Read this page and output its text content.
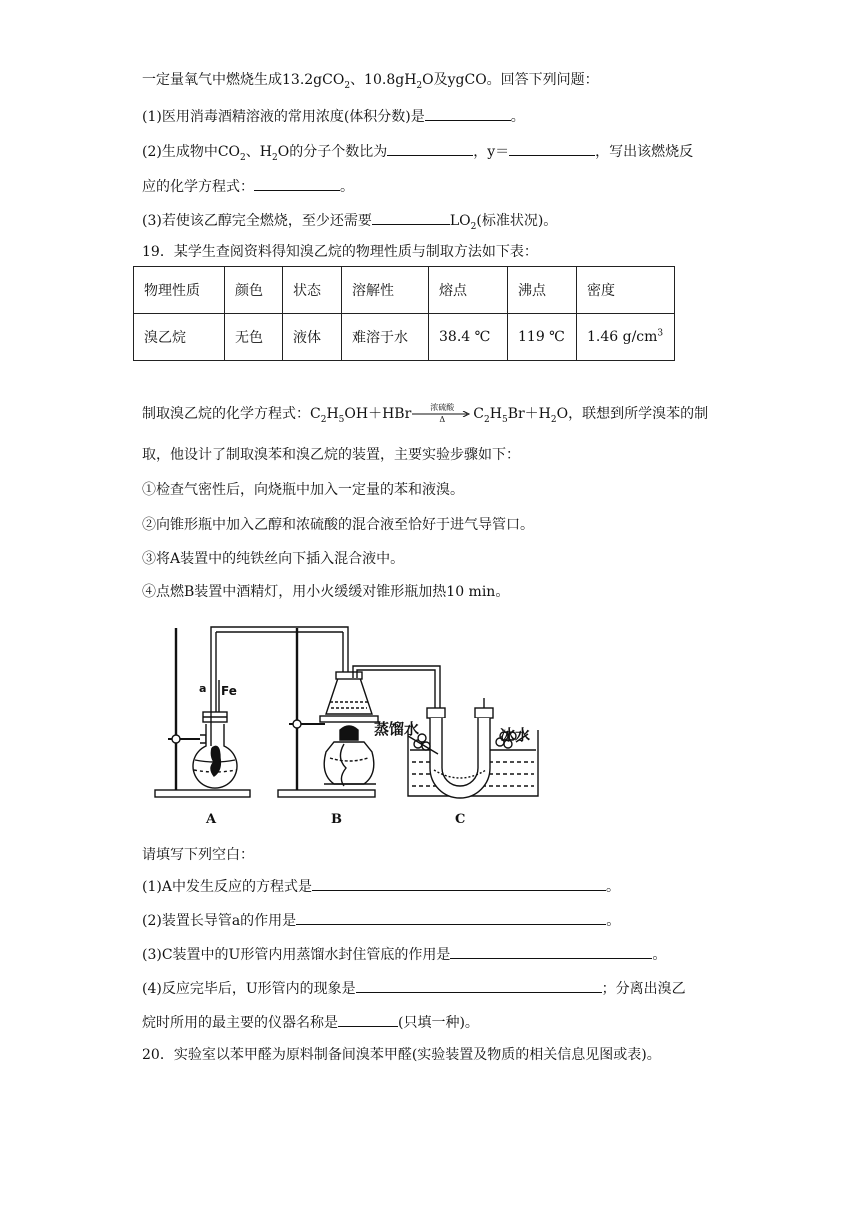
一定量氧气中燃烧生成13.2gCO$_2$、$10.8gH_2O$及ygCO。回答下列问题：
(1)医用消毒酒精溶液的常用浓度(体积分数)是	。
(2)生成物中$CO_2$、$H_2O$的分子个数比为	，y＝	，写出该燃烧反
应的化学方程式：	。
(3)若使该乙醇完全燃烧，至少还需要	$LO_2$(标准状况)。
19．某学生查阅资料得知溴乙烷的物理性质与制取方法如下表：
物理性质	颜色	状态	溶解性	熔点	沸点	密度
溴乙烷	无色	液体	难溶于水	38.4 ℃	119 ℃	1.46 $g/cm^3$
制取溴乙烷的化学方程式：$C_2H_5OH+HBr$	浓硫酸
Δ	$C_2H_5Br+H_2O$，联想到所学溴苯的制
取，他设计了制取溴苯和溴乙烷的装置，主要实验步骤如下：
①检查气密性后，向烧瓶中加入一定量的苯和液溴。
②向锥形瓶中加入乙醇和浓硫酸的混合液至恰好于进气导管口。
③将A装置中的纯铁丝向下插入混合液中。
④点燃B装置中酒精灯，用小火缓缓对锥形瓶加热10 min。
a Fe
蒸馏水	冰水
A	B	C
请填写下列空白：
(1)A中发生反应的方程式是	。
(2)装置长导管a的作用是	。
(3)C装置中的U形管内用蒸馏水封住管底的作用是	。
(4)反应完毕后，U形管内的现象是	；分离出溴乙
烷时所用的最主要的仪器名称是	(只填一种)。
20．实验室以苯甲醛为原料制备间溴苯甲醛(实验装置及物质的相关信息见图或表)。
